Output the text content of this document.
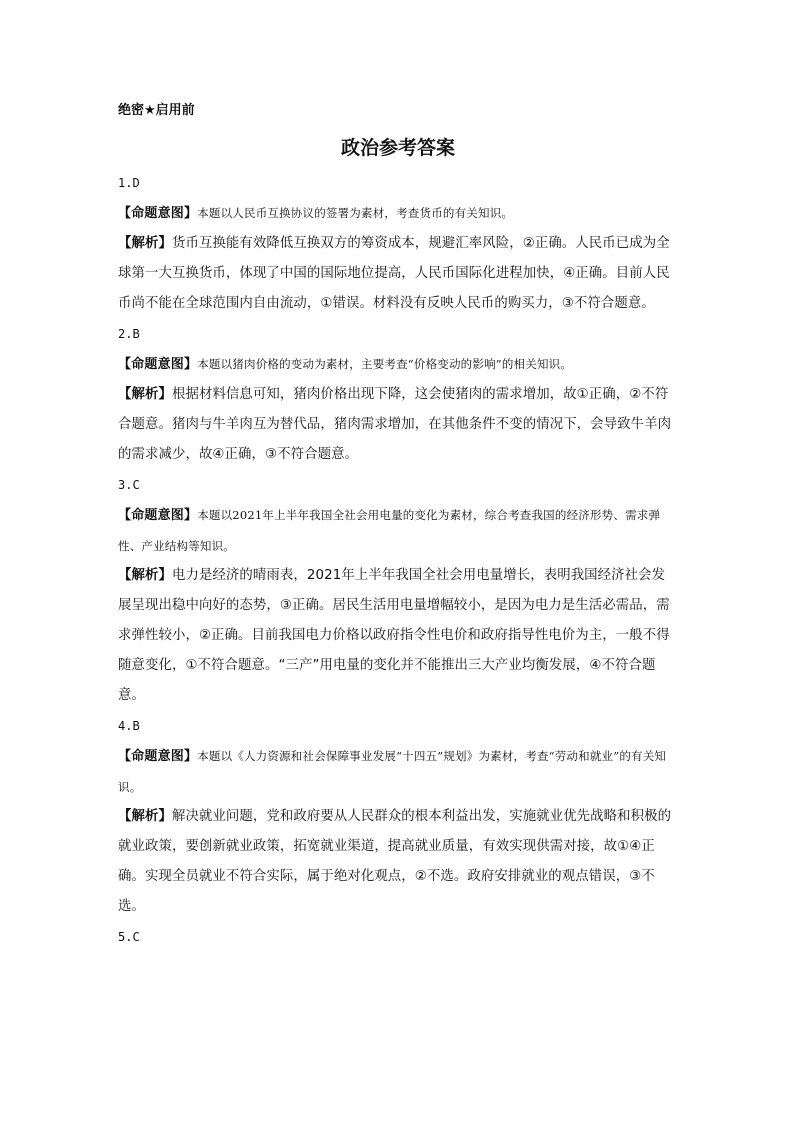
绝密★启用前
政治参考答案
1.D
【命题意图】本题以人民币互换协议的签署为素材，考查货币的有关知识。
【解析】货币互换能有效降低互换双方的筹资成本，规避汇率风险，②正确。人民币已成为全球第一大互换货币，体现了中国的国际地位提高，人民币国际化进程加快，④正确。目前人民币尚不能在全球范围内自由流动，①错误。材料没有反映人民币的购买力，③不符合题意。
2.B
【命题意图】本题以猪肉价格的变动为素材，主要考查“价格变动的影响”的相关知识。
【解析】根据材料信息可知，猪肉价格出现下降，这会使猪肉的需求增加，故①正确，②不符合题意。猪肉与牛羊肉互为替代品，猪肉需求增加，在其他条件不变的情况下，会导致牛羊肉的需求减少，故④正确，③不符合题意。
3.C
【命题意图】本题以2021年上半年我国全社会用电量的变化为素材，综合考查我国的经济形势、需求弹性、产业结构等知识。
【解析】电力是经济的晴雨表，2021年上半年我国全社会用电量增长，表明我国经济社会发展呈现出稳中向好的态势，③正确。居民生活用电量增幅较小，是因为电力是生活必需品，需求弹性较小，②正确。目前我国电力价格以政府指令性电价和政府指导性电价为主，一般不得随意变化，①不符合题意。“三产”用电量的变化并不能推出三大产业均衡发展，④不符合题意。
4.B
【命题意图】本题以《人力资源和社会保障事业发展“十四五”规划》为素材，考查“劳动和就业”的有关知识。
【解析】解决就业问题，党和政府要从人民群众的根本利益出发，实施就业优先战略和积极的就业政策，要创新就业政策，拓宽就业渠道，提高就业质量，有效实现供需对接，故①④正确。实现全员就业不符合实际，属于绝对化观点，②不选。政府安排就业的观点错误，③不选。
5.C
